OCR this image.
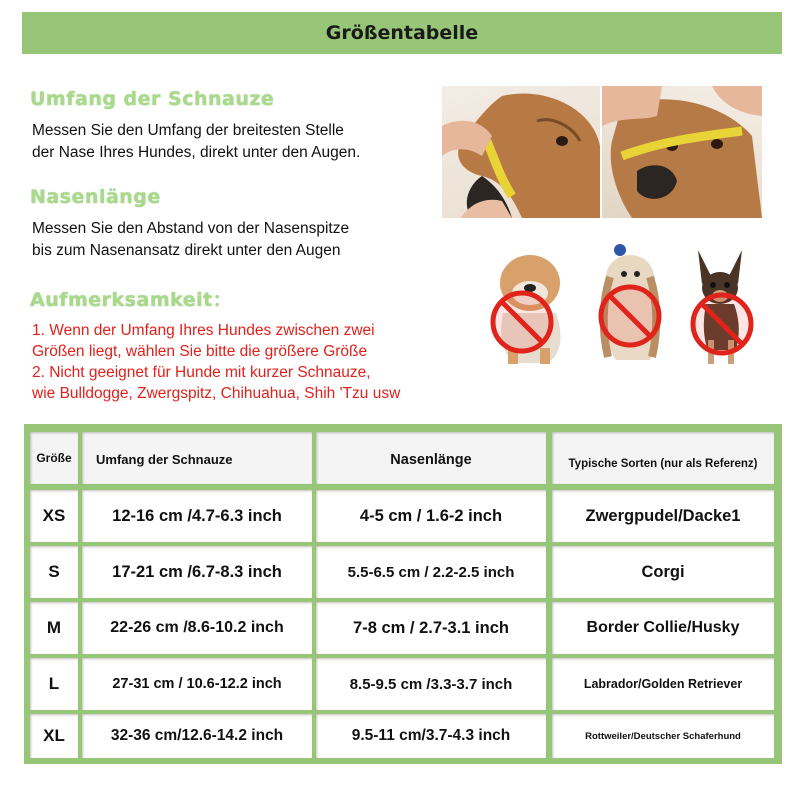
Größentabelle
Umfang der Schnauze
Messen Sie den Umfang der breitesten Stelle
der Nase Ihres Hundes, direkt unter den Augen.
Nasenlänge
Messen Sie den Abstand von der Nasenspitze
bis zum Nasenansatz direkt unter den Augen
Aufmerksamkeit：
1. Wenn der Umfang Ihres Hundes zwischen zwei
Größen liegt, wählen Sie bitte die größere Größe
2. Nicht geeignet für Hunde mit kurzer Schnauze,
wie Bulldogge, Zwergspitz, Chihuahua, Shih 'Tzu usw
Größe	Umfang der Schnauze	Nasenlänge	Typische Sorten (nur als Referenz)
XS	12-16 cm /4.7-6.3 inch	4-5 cm / 1.6-2 inch	Zwergpudel/Dacke1
S	17-21 cm /6.7-8.3 inch	5.5-6.5 cm / 2.2-2.5 inch	Corgi
M	22-26 cm /8.6-10.2 inch	7-8 cm / 2.7-3.1 inch	Border Collie/Husky
L	27-31 cm / 10.6-12.2 inch	8.5-9.5 cm /3.3-3.7 inch	Labrador/Golden Retriever
XL	32-36 cm/12.6-14.2 inch	9.5-11 cm/3.7-4.3 inch	Rottweiler/Deutscher Schaferhund
